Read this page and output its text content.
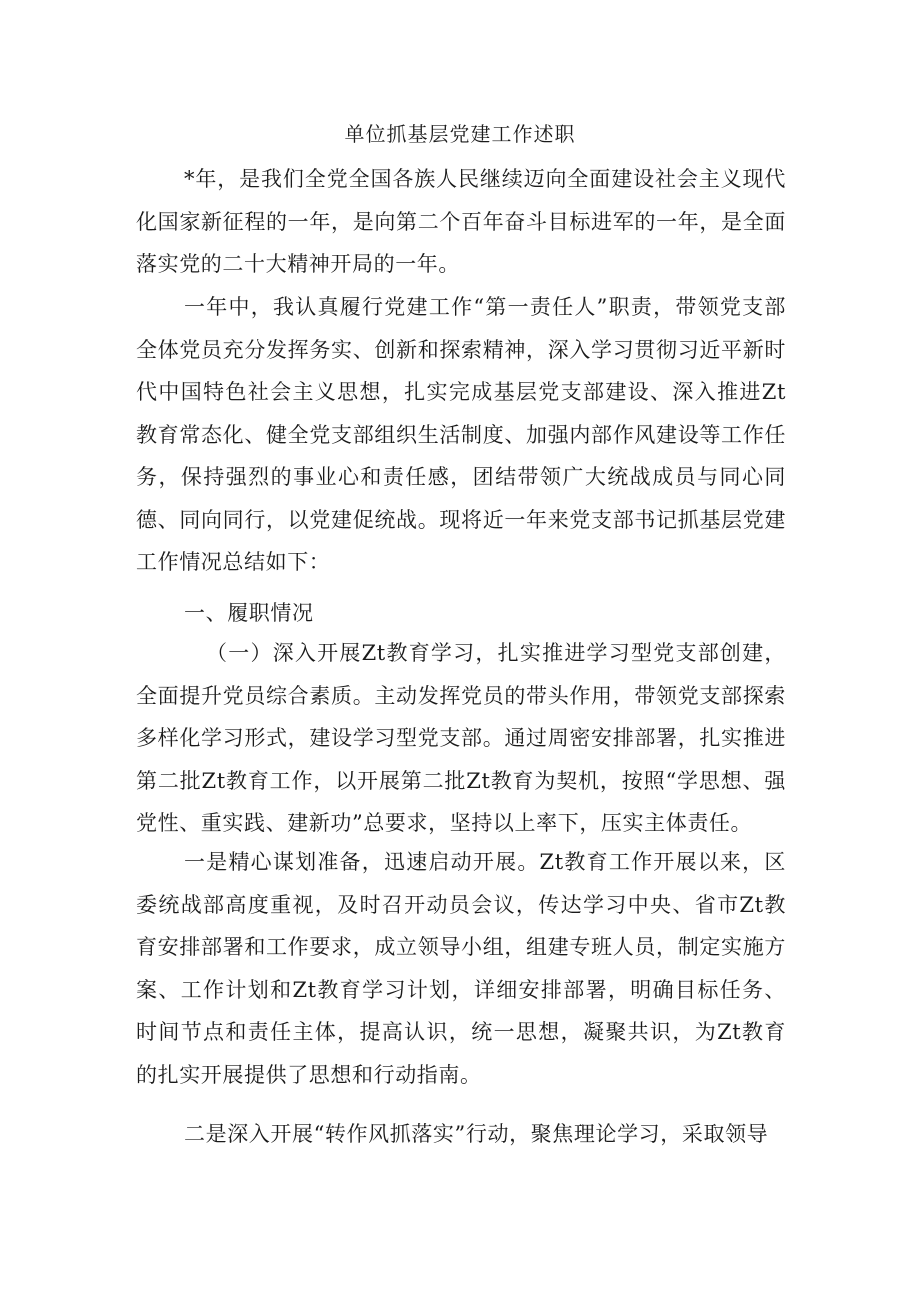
单位抓基层党建工作述职

*年，是我们全党全国各族人民继续迈向全面建设社会主义现代化国家新征程的一年，是向第二个百年奋斗目标进军的一年，是全面落实党的二十大精神开局的一年。

一年中，我认真履行党建工作“第一责任人”职责，带领党支部全体党员充分发挥务实、创新和探索精神，深入学习贯彻习近平新时代中国特色社会主义思想，扎实完成基层党支部建设、深入推进Zt教育常态化、健全党支部组织生活制度、加强内部作风建设等工作任务，保持强烈的事业心和责任感，团结带领广大统战成员与同心同德、同向同行，以党建促统战。现将近一年来党支部书记抓基层党建工作情况总结如下：

一、履职情况

（一）深入开展Zt教育学习，扎实推进学习型党支部创建，全面提升党员综合素质。主动发挥党员的带头作用，带领党支部探索多样化学习形式，建设学习型党支部。通过周密安排部署，扎实推进第二批Zt教育工作，以开展第二批Zt教育为契机，按照“学思想、强党性、重实践、建新功”总要求，坚持以上率下，压实主体责任。

一是精心谋划准备，迅速启动开展。Zt教育工作开展以来，区委统战部高度重视，及时召开动员会议，传达学习中央、省市Zt教育安排部署和工作要求，成立领导小组，组建专班人员，制定实施方案、工作计划和Zt教育学习计划，详细安排部署，明确目标任务、时间节点和责任主体，提高认识，统一思想，凝聚共识，为Zt教育的扎实开展提供了思想和行动指南。

二是深入开展“转作风抓落实”行动，聚焦理论学习，采取领导
